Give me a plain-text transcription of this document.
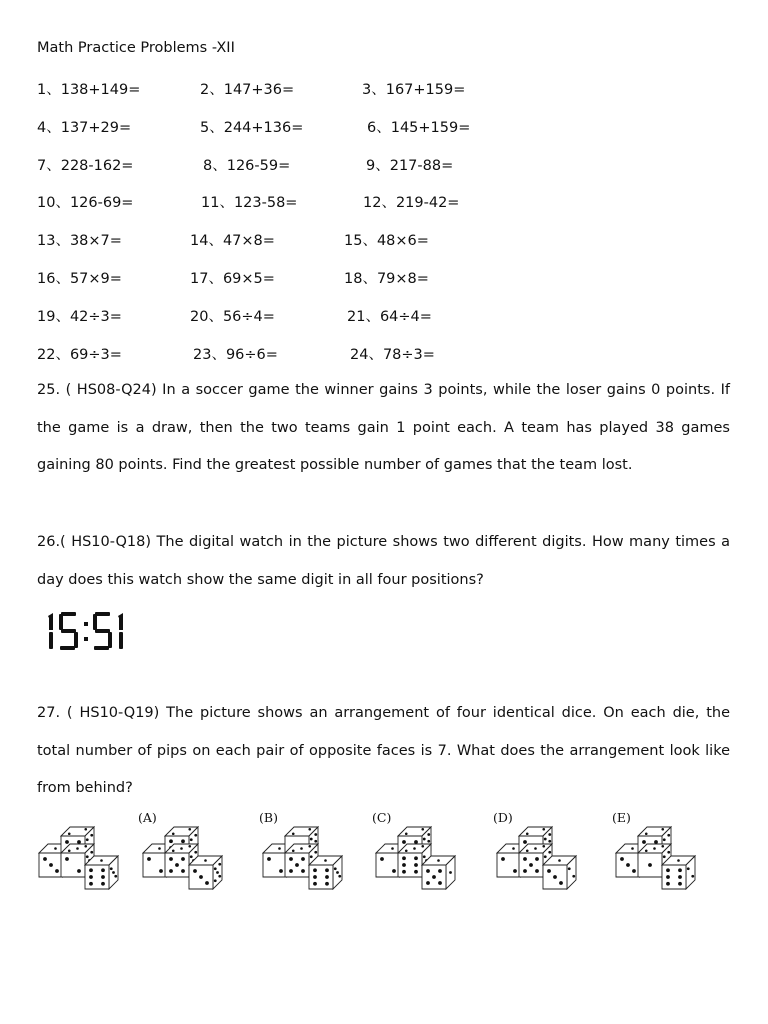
Math Practice Problems -XII
1、138+149=	2、147+36=	3、167+159=
4、137+29=	5、244+136=	6、145+159=
7、228-162=	8、126-59=	9、217-88=
10、126-69=	11、123-58=	12、219-42=
13、38×7=	14、47×8=	15、48×6=
16、57×9=	17、69×5=	18、79×8=
19、42÷3=	20、56÷4=	21、64÷4=
22、69÷3=	23、96÷6=	24、78÷3=
25. ( HS08-Q24) In a soccer game the winner gains 3 points, while the loser gains 0 points. If the game is a draw, then the two teams gain 1 point each. A team has played 38 games gaining 80 points. Find the greatest possible number of games that the team lost.
26.( HS10-Q18) The digital watch in the picture shows two different digits. How many times a day does this watch show the same digit in all four positions?
27. ( HS10-Q19) The picture shows an arrangement of four identical dice. On each die, the total number of pips on each pair of opposite faces is 7. What does the arrangement look like from behind?
(A)	(B)	(C)	(D)	(E)
